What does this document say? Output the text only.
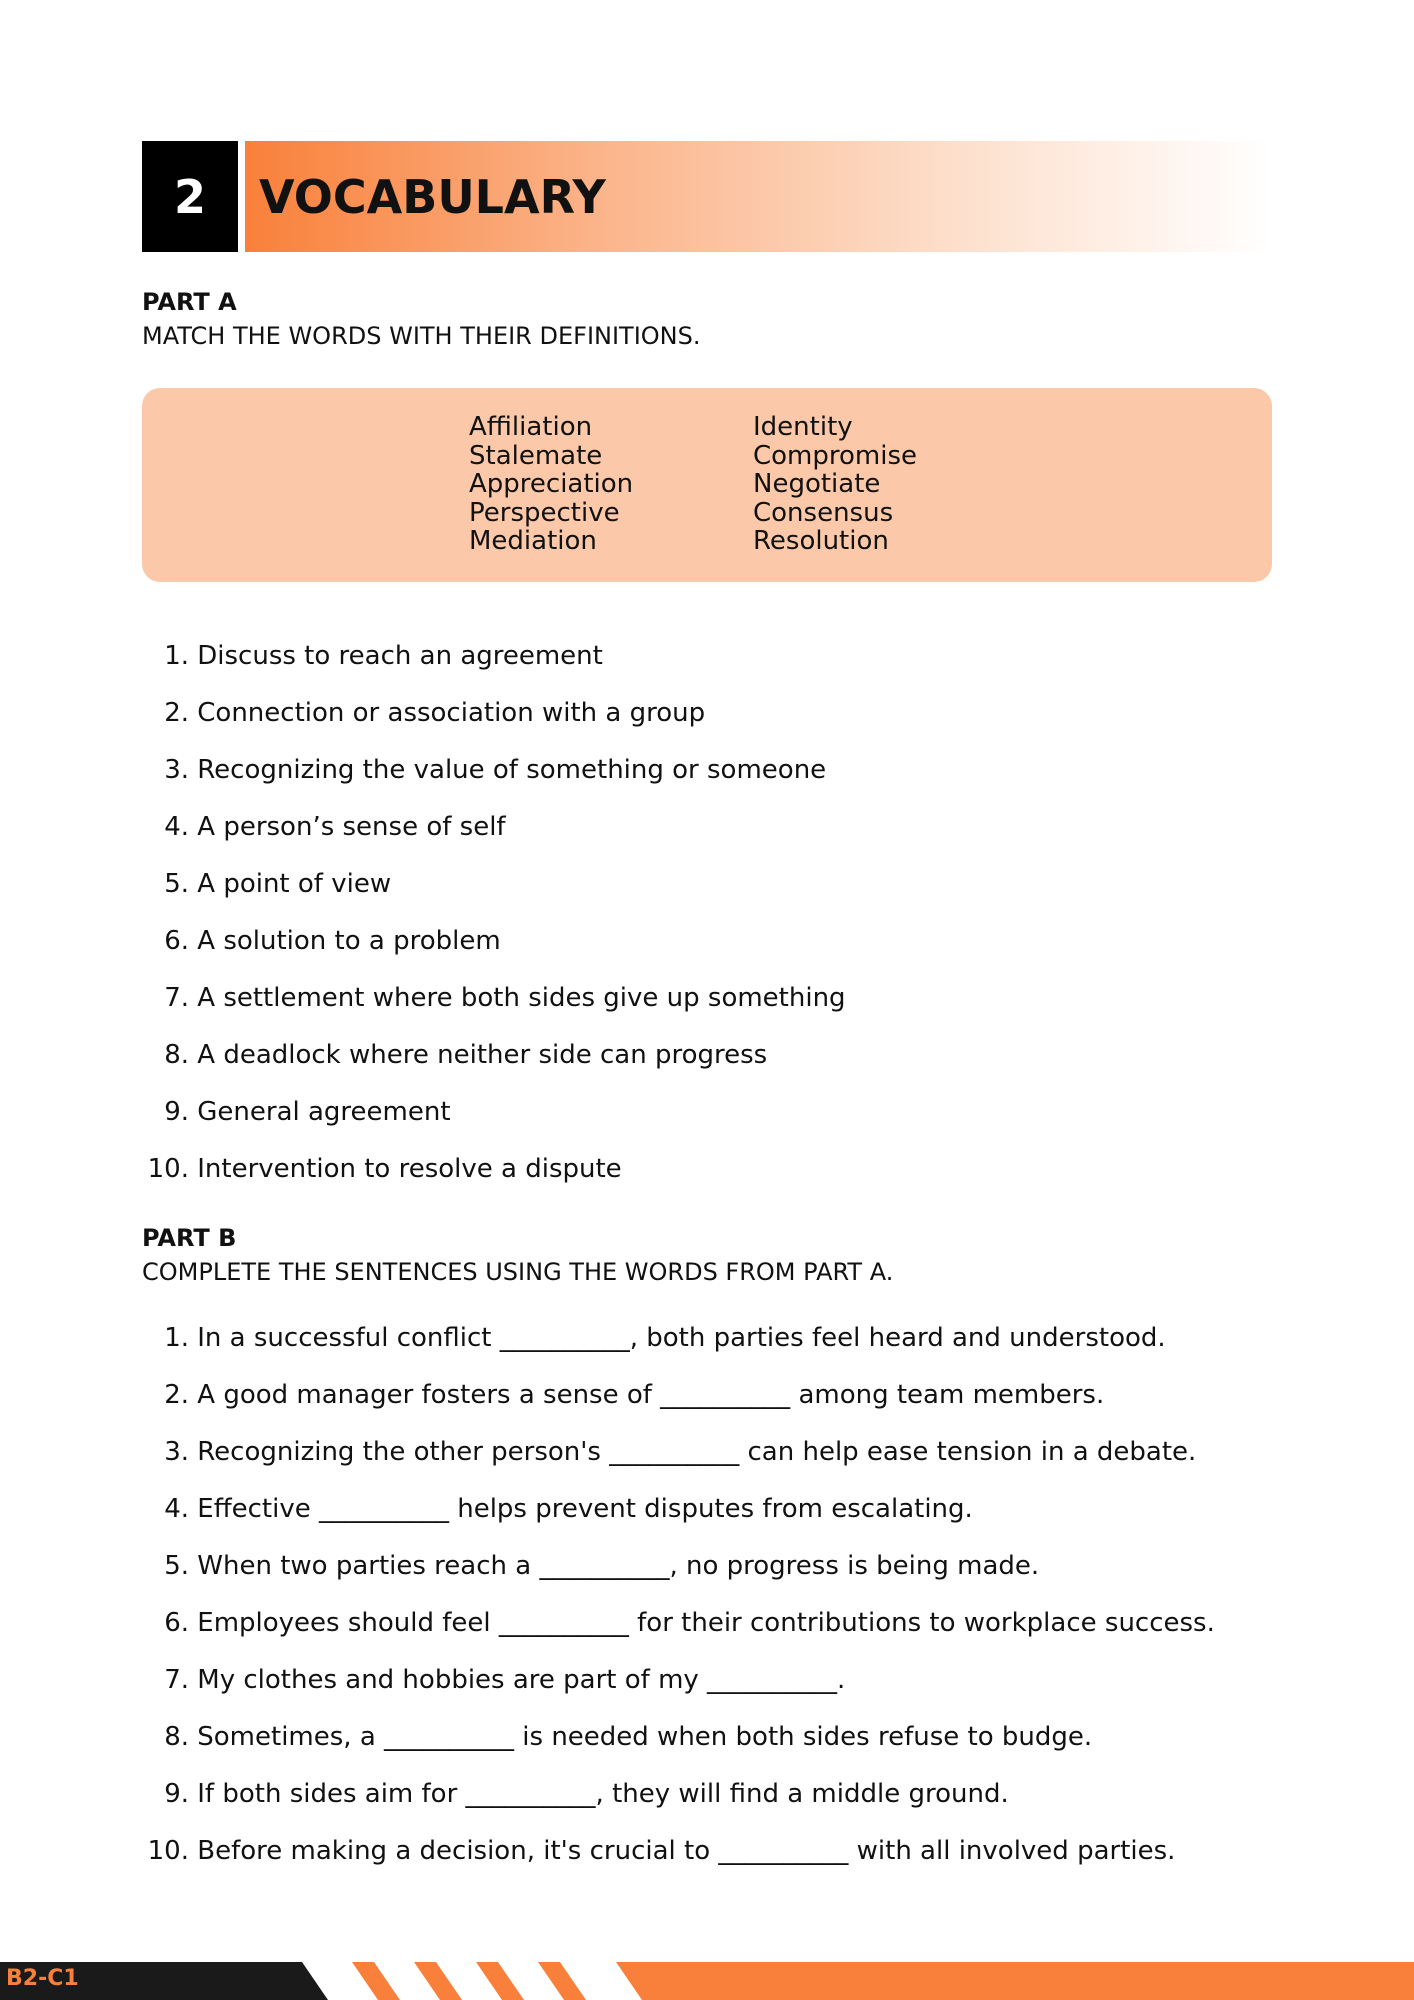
2	VOCABULARY
PART A
MATCH THE WORDS WITH THEIR DEFINITIONS.
Affiliation
Stalemate
Appreciation
Perspective
Mediation
Identity
Compromise
Negotiate
Consensus
Resolution
1. Discuss to reach an agreement
2. Connection or association with a group
3. Recognizing the value of something or someone
4. A person’s sense of self
5. A point of view
6. A solution to a problem
7. A settlement where both sides give up something
8. A deadlock where neither side can progress
9. General agreement
10. Intervention to resolve a dispute
PART B
COMPLETE THE SENTENCES USING THE WORDS FROM PART A.
1. In a successful conflict __________, both parties feel heard and understood.
2. A good manager fosters a sense of __________ among team members.
3. Recognizing the other person's __________ can help ease tension in a debate.
4. Effective __________ helps prevent disputes from escalating.
5. When two parties reach a __________, no progress is being made.
6. Employees should feel __________ for their contributions to workplace success.
7. My clothes and hobbies are part of my __________.
8. Sometimes, a __________ is needed when both sides refuse to budge.
9. If both sides aim for __________, they will find a middle ground.
10. Before making a decision, it's crucial to __________ with all involved parties.
B2-C1
